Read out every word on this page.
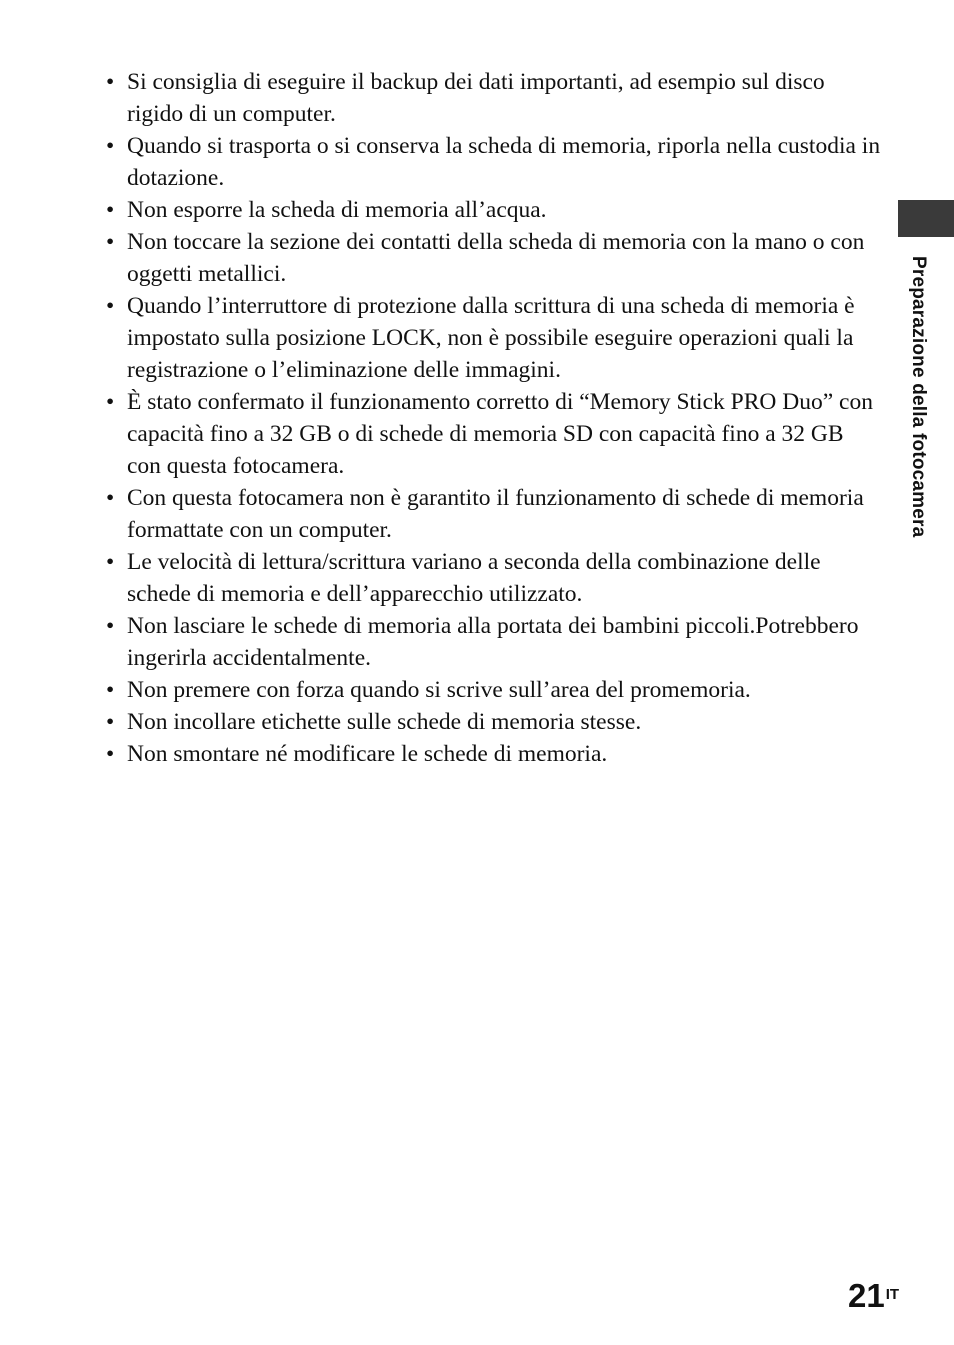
• Si consiglia di eseguire il backup dei dati importanti, ad esempio sul disco rigido di un computer.
• Quando si trasporta o si conserva la scheda di memoria, riporla nella custodia in dotazione.
• Non esporre la scheda di memoria all’acqua.
• Non toccare la sezione dei contatti della scheda di memoria con la mano o con oggetti metallici.
• Quando l’interruttore di protezione dalla scrittura di una scheda di memoria è impostato sulla posizione LOCK, non è possibile eseguire operazioni quali la registrazione o l’eliminazione delle immagini.
• È stato confermato il funzionamento corretto di “Memory Stick PRO Duo” con capacità fino a 32 GB o di schede di memoria SD con capacità fino a 32 GB con questa fotocamera.
• Con questa fotocamera non è garantito il funzionamento di schede di memoria formattate con un computer.
• Le velocità di lettura/scrittura variano a seconda della combinazione delle schede di memoria e dell’apparecchio utilizzato.
• Non lasciare le schede di memoria alla portata dei bambini piccoli.Potrebbero ingerirla accidentalmente.
• Non premere con forza quando si scrive sull’area del promemoria.
• Non incollare etichette sulle schede di memoria stesse.
• Non smontare né modificare le schede di memoria.
Preparazione della fotocamera
$21^{IT}$
